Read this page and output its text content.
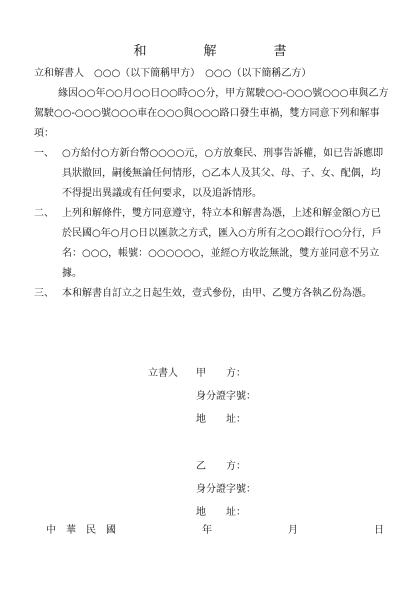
和　解　書

立和解書人　○○○（以下簡稱甲方）　○○○（以下簡稱乙方）

緣因○○年○○月○○日○○時○○分，甲方駕駛○○-○○○號○○○車與乙方駕駛○○-○○○號○○○車在○○○與○○○路口發生車禍，雙方同意下列和解事項：

一、 ○方給付○方新台幣○○○○元，○方放棄民、刑事告訴權，如已告訴應即具狀撤回，嗣後無論任何情形，○乙本人及其父、母、子、女、配偶，均不得提出異議或有任何要求，以及追訴情形。
二、 上列和解條件，雙方同意遵守，特立本和解書為憑，上述和解金額○方已於民國○年○月○日以匯款之方式，匯入○方所有之○○銀行○○分行，戶名：○○○，帳號：○○○○○○，並經○方收訖無訛，雙方並同意不另立據。
三、 本和解書自訂立之日起生效，壹式參份，由甲、乙雙方各執乙份為憑。
立書人 甲　　方：
身分證字號：
地　　址：
乙　　方：
身分證字號：
地　　址：
中　華　民　國	年	月	日
